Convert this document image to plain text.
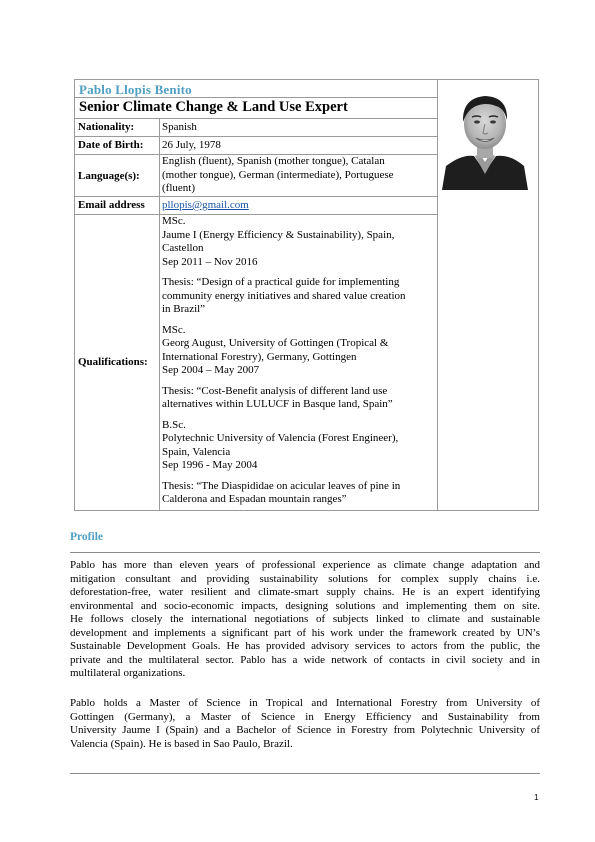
Pablo Llopis Benito
Senior Climate Change & Land Use Expert
Nationality:	Spanish
Date of Birth: 26 July, 1978
Language(s):
English (fluent), Spanish (mother tongue), Catalan
(mother tongue), German (intermediate), Portuguese
(fluent)
Email address pllopis@gmail.com
Qualifications:
MSc.
Jaume I (Energy Efficiency & Sustainability), Spain,
Castellon
Sep 2011 – Nov 2016
Thesis: “Design of a practical guide for implementing
community energy initiatives and shared value creation
in Brazil”
MSc.
Georg August, University of Gottingen (Tropical &
International Forestry), Germany, Gottingen
Sep 2004 – May 2007
Thesis: “Cost-Benefit analysis of different land use
alternatives within LULUCF in Basque land, Spain”
B.Sc.
Polytechnic University of Valencia (Forest Engineer),
Spain, Valencia
Sep 1996 - May 2004
Thesis: “The Diaspididae on acicular leaves of pine in
Calderona and Espadan mountain ranges”
Profile
Pablo has more than eleven years of professional experience as climate change adaptation and
mitigation consultant and providing sustainability solutions for complex supply chains i.e.
deforestation-free, water resilient and climate-smart supply chains. He is an expert identifying
environmental and socio-economic impacts, designing solutions and implementing them on site.
He follows closely the international negotiations of subjects linked to climate and sustainable
development and implements a significant part of his work under the framework created by UN’s
Sustainable Development Goals. He has provided advisory services to actors from the public, the
private and the multilateral sector. Pablo has a wide network of contacts in civil society and in
multilateral organizations.
Pablo holds a Master of Science in Tropical and International Forestry from University of
Gottingen (Germany), a Master of Science in Energy Efficiency and Sustainability from
University Jaume I (Spain) and a Bachelor of Science in Forestry from Polytechnic University of
Valencia (Spain). He is based in Sao Paulo, Brazil.
1
